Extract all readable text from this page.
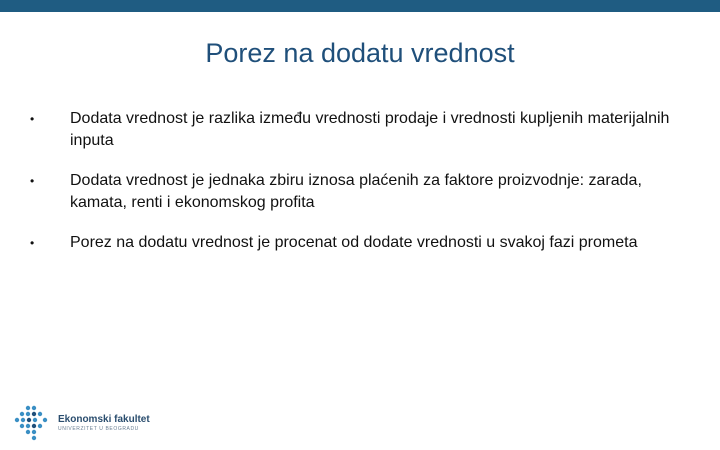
Porez na dodatu vrednost
•	Dodata vrednost je razlika između vrednosti prodaje i vrednosti kupljenih materijalnih inputa
•	Dodata vrednost je jednaka zbiru iznosa plaćenih za faktore proizvodnje: zarada, kamata, renti i ekonomskog profita
•	Porez na dodatu vrednost je procenat od dodate vrednosti u svakoj fazi prometa
Ekonomski fakultet
UNIVERZITET U BEOGRADU
